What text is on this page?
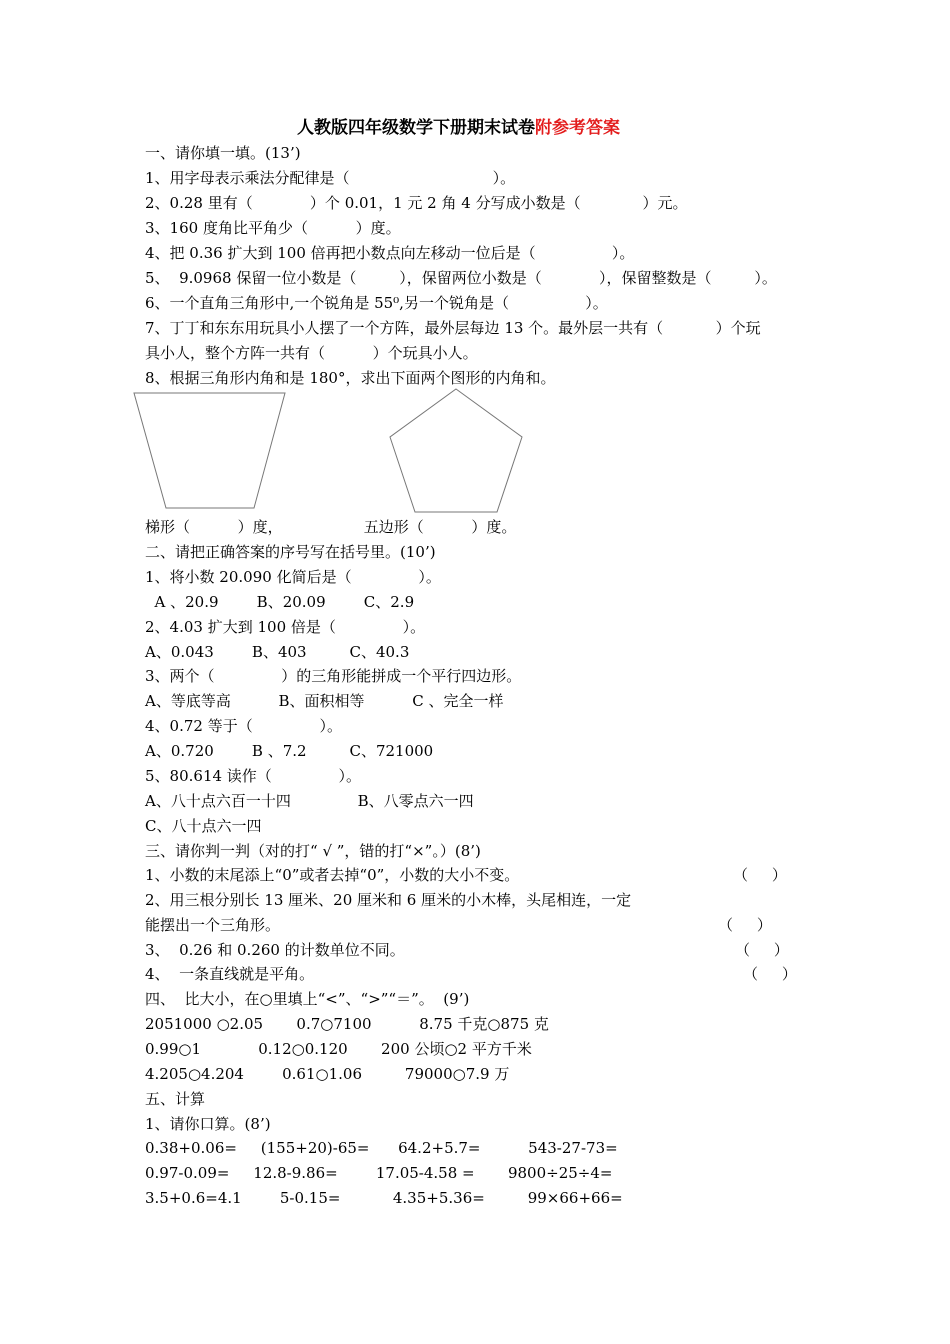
人教版四年级数学下册期末试卷附参考答案
一、请你填一填。(13’)
1、用字母表示乘法分配律是（                              ）。
2、0.28 里有（            ）个 0.01，1 元 2 角 4 分写成小数是（             ）元。
3、160 度角比平角少（          ）度。
4、把 0.36 扩大到 100 倍再把小数点向左移动一位后是（                ）。
5、  9.0968 保留一位小数是（         ），保留两位小数是（            ），保留整数是（         ）。
6、一个直角三角形中,一个锐角是 55⁰,另一个锐角是（                ）。
7、丁丁和东东用玩具小人摆了一个方阵，最外层每边 13 个。最外层一共有（           ）个玩
具小人，整个方阵一共有（          ）个玩具小人。
8、根据三角形内角和是 180°，求出下面两个图形的内角和。
梯形（          ）度，                 五边形（          ）度。
二、请把正确答案的序号写在括号里。(10’)
1、将小数 20.090 化简后是（              ）。
A 、20.9        B、20.09        C、2.9
2、4.03 扩大到 100 倍是（              ）。
A、0.043        B、403         C、40.3
3、两个（              ）的三角形能拼成一个平行四边形。
A、等底等高          B、面积相等          C 、完全一样
4、0.72 等于（              ）。
A、0.720        B 、7.2         C、721000
5、80.614 读作（              ）。
A、八十点六百一十四              B、八零点六一四
C、八十点六一四
三、请你判一判（对的打“ √ ”，错的打“×”。）(8’)
1、小数的末尾添上“0”或者去掉“0”，小数的大小不变。	（     ）
2、用三根分别长 13 厘米、20 厘米和 6 厘米的小木棒，头尾相连，一定
能摆出一个三角形。	（     ）
3、  0.26 和 0.260 的计数单位不同。	（     ）
4、  一条直线就是平角。	（     ）
四、  比大小，在○里填上“<”、“>”“＝”。  (9’)
2051000 ○2.05       0.7○7100          8.75 千克○875 克
0.99○1            0.12○0.120       200 公顷○2 平方千米
4.205○4.204        0.61○1.06         79000○7.9 万
五、计算
1、请你口算。(8’)
0.38+0.06=     (155+20)-65=      64.2+5.7=          543-27-73=
0.97-0.09=     12.8-9.86=        17.05-4.58 =       9800÷25÷4=
3.5+0.6=4.1        5-0.15=           4.35+5.36=         99×66+66=
